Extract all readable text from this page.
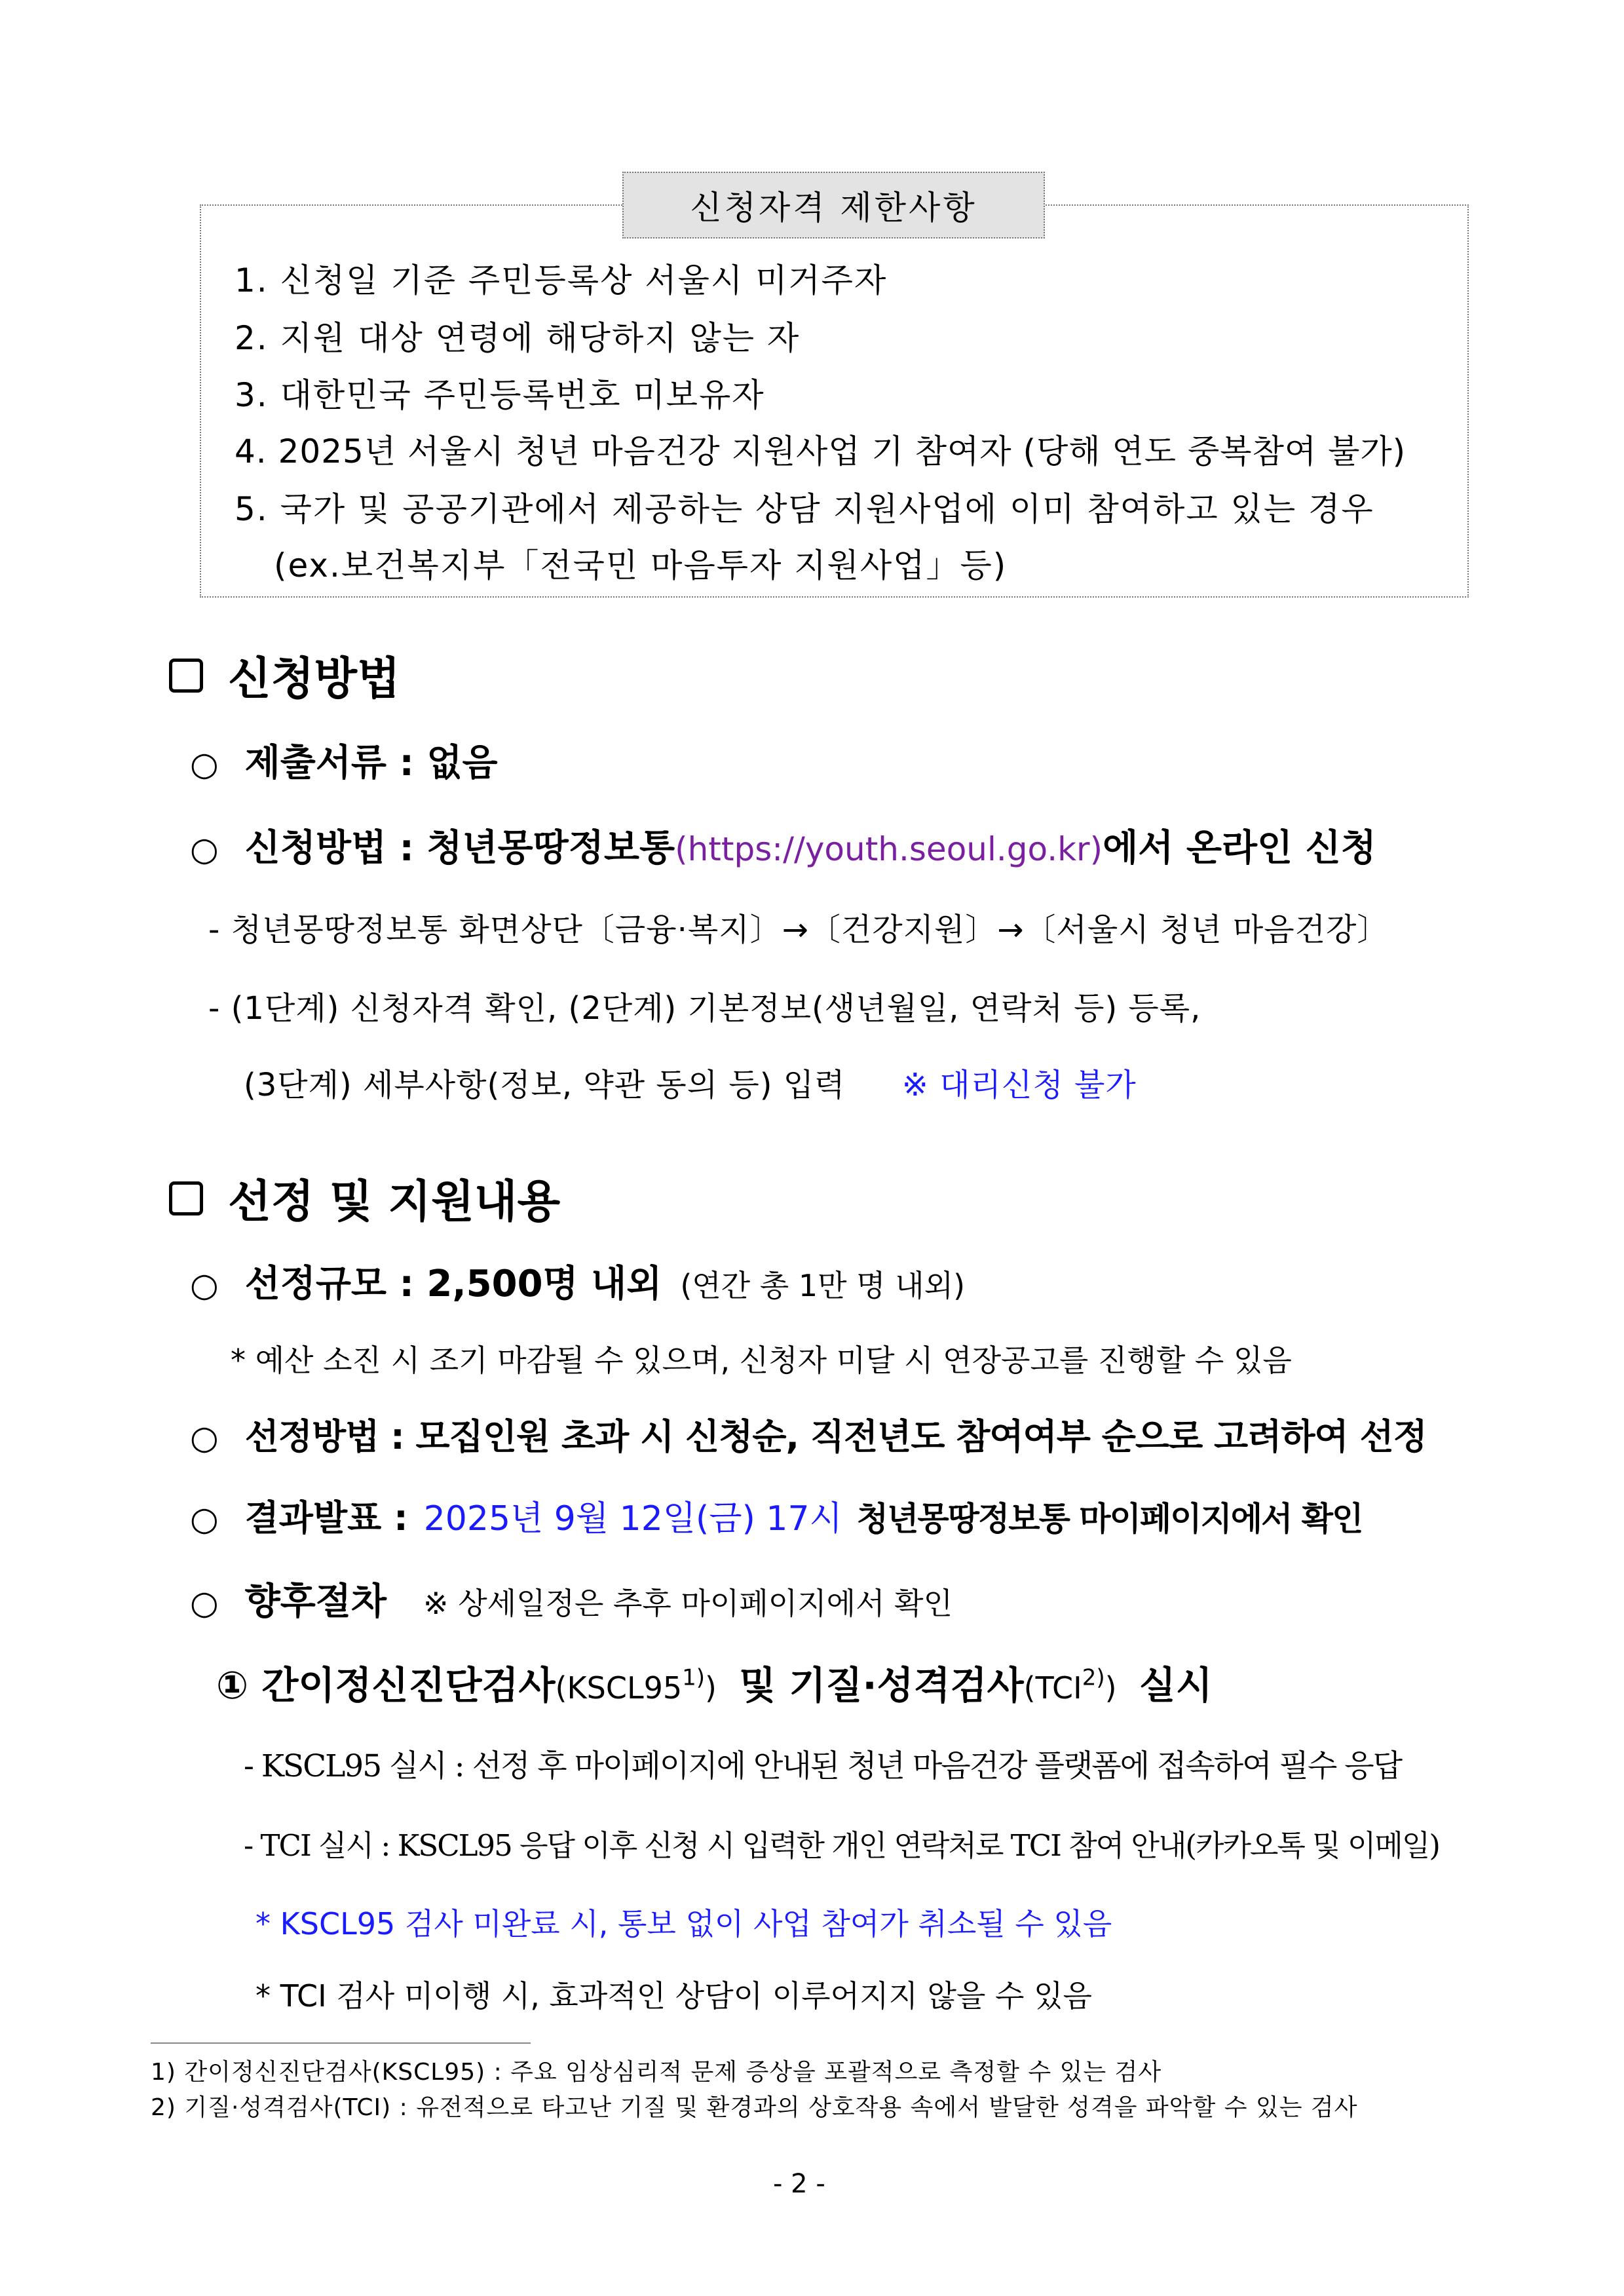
신청자격 제한사항
1. 신청일 기준 주민등록상 서울시 미거주자
2. 지원 대상 연령에 해당하지 않는 자
3. 대한민국 주민등록번호 미보유자
4. 2025년 서울시 청년 마음건강 지원사업 기 참여자 (당해 연도 중복참여 불가)
5. 국가 및 공공기관에서 제공하는 상담 지원사업에 이미 참여하고 있는 경우
(ex.보건복지부「전국민 마음투자 지원사업」등)
신청방법
○ 제출서류 : 없음
○ 신청방법 : 청년몽땅정보통 (https://youth.seoul.go.kr) 에서 온라인 신청
- 청년몽땅정보통 화면상단〔금융·복지〕→〔건강지원〕→〔서울시 청년 마음건강〕
- (1단계) 신청자격 확인, (2단계) 기본정보(생년월일, 연락처 등) 등록,
(3단계) 세부사항(정보, 약관 동의 등) 입력 ※ 대리신청 불가
선정 및 지원내용
○ 선정규모 : 2,500명 내외 (연간 총 1만 명 내외)
* 예산 소진 시 조기 마감될 수 있으며, 신청자 미달 시 연장공고를 진행할 수 있음
○ 선정방법 : 모집인원 초과 시 신청순, 직전년도 참여여부 순으로 고려하여 선정
○ 결과발표 : 2025년 9월 12일(금) 17시 청년몽땅정보통 마이페이지에서 확인
○ 향후절차 ※ 상세일정은 추후 마이페이지에서 확인
① 간이정신진단검사(KSCL95$^{1)}$) 및 기질·성격검사(TCI$^{2)}$) 실시
- KSCL95 실시 : 선정 후 마이페이지에 안내된 청년 마음건강 플랫폼에 접속하여 필수 응답
- TCI 실시 : KSCL95 응답 이후 신청 시 입력한 개인 연락처로 TCI 참여 안내(카카오톡 및 이메일)
* KSCL95 검사 미완료 시, 통보 없이 사업 참여가 취소될 수 있음
* TCI 검사 미이행 시, 효과적인 상담이 이루어지지 않을 수 있음
1) 간이정신진단검사(KSCL95) : 주요 임상심리적 문제 증상을 포괄적으로 측정할 수 있는 검사
2) 기질·성격검사(TCI) : 유전적으로 타고난 기질 및 환경과의 상호작용 속에서 발달한 성격을 파악할 수 있는 검사
- 2 -
